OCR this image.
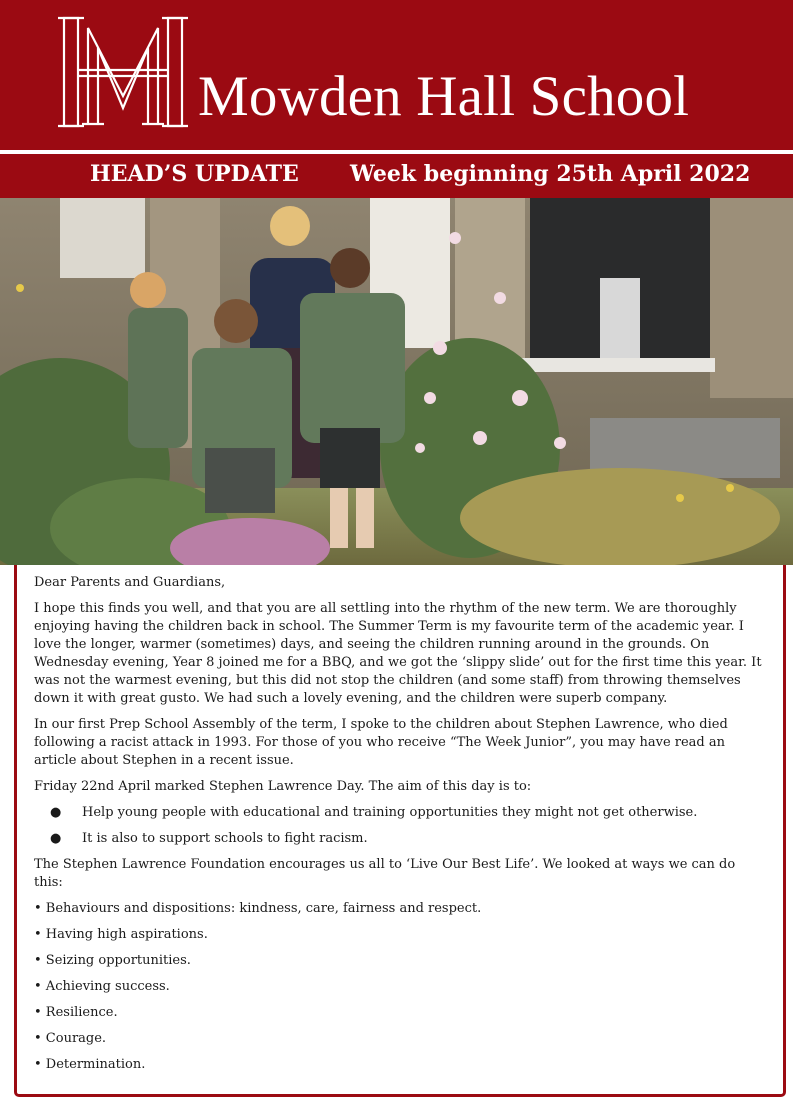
Mowden Hall School
HEAD’S UPDATE Week beginning 25th April 2022

Dear Parents and Guardians,

I hope this finds you well, and that you are all settling into the rhythm of the new term. We are thoroughly enjoying having the children back in school. The Summer Term is my favourite term of the academic year. I love the longer, warmer (sometimes) days, and seeing the children running around in the grounds. On Wednesday evening, Year 8 joined me for a BBQ, and we got the ‘slippy slide’ out for the first time this year. It was not the warmest evening, but this did not stop the children (and some staff) from throwing themselves down it with great gusto. We had such a lovely evening, and the children were superb company.

In our first Prep School Assembly of the term, I spoke to the children about Stephen Lawrence, who died following a racist attack in 1993. For those of you who receive “The Week Junior”, you may have read an article about Stephen in a recent issue.

Friday 22nd April marked Stephen Lawrence Day. The aim of this day is to:

● Help young people with educational and training opportunities they might not get otherwise.
● It is also to support schools to fight racism.

The Stephen Lawrence Foundation encourages us all to ‘Live Our Best Life’. We looked at ways we can do this:

• Behaviours and dispositions: kindness, care, fairness and respect.
• Having high aspirations.
• Seizing opportunities.
• Achieving success.
• Resilience.
• Courage.
• Determination.
